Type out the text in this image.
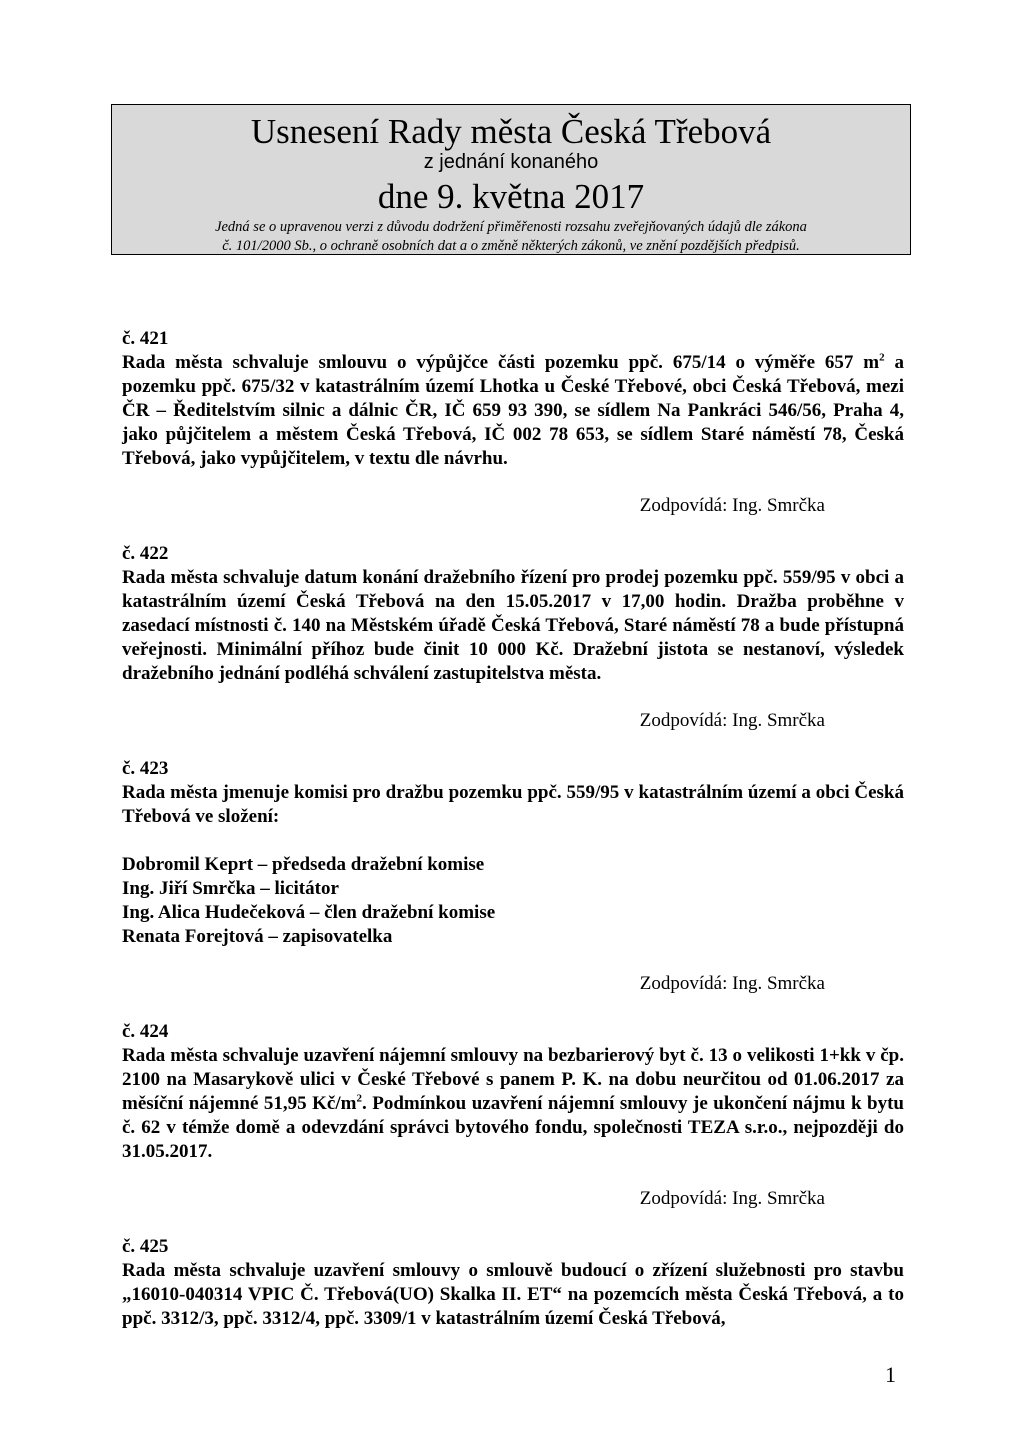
Usnesení Rady města Česká Třebová
z jednání konaného
dne 9. května 2017
Jedná se o upravenou verzi z důvodu dodržení přiměřenosti rozsahu zveřejňovaných údajů dle zákona
č. 101/2000 Sb., o ochraně osobních dat a o změně některých zákonů, ve znění pozdějších předpisů.

č. 421

Rada města schvaluje smlouvu o výpůjčce části pozemku ppč. 675/14 o výměře 657 $m^2$ a pozemku ppč. 675/32 v katastrálním území Lhotka u České Třebové, obci Česká Třebová, mezi ČR – Ředitelstvím silnic a dálnic ČR, IČ 659 93 390, se sídlem Na Pankráci 546/56, Praha 4, jako půjčitelem a městem Česká Třebová, IČ 002 78 653, se sídlem Staré náměstí 78, Česká Třebová, jako vypůjčitelem, v textu dle návrhu.

Zodpovídá: Ing. Smrčka

č. 422

Rada města schvaluje datum konání dražebního řízení pro prodej pozemku ppč. 559/95 v obci a katastrálním území Česká Třebová na den 15.05.2017 v 17,00 hodin. Dražba proběhne v zasedací místnosti č. 140 na Městském úřadě Česká Třebová, Staré náměstí 78 a bude přístupná veřejnosti. Minimální příhoz bude činit 10 000 Kč. Dražební jistota se nestanoví, výsledek dražebního jednání podléhá schválení zastupitelstva města.

Zodpovídá: Ing. Smrčka

č. 423

Rada města jmenuje komisi pro dražbu pozemku ppč. 559/95 v katastrálním území a obci Česká Třebová ve složení:

Dobromil Keprt – předseda dražební komise
Ing. Jiří Smrčka – licitátor
Ing. Alica Hudečeková – člen dražební komise
Renata Forejtová – zapisovatelka

Zodpovídá: Ing. Smrčka

č. 424

Rada města schvaluje uzavření nájemní smlouvy na bezbarierový byt č. 13 o velikosti 1+kk v čp. 2100 na Masarykově ulici v České Třebové s panem P. K. na dobu neurčitou od 01.06.2017 za měsíční nájemné 51,95 $Kč/m^2$. Podmínkou uzavření nájemní smlouvy je ukončení nájmu k bytu č. 62 v témže domě a odevzdání správci bytového fondu, společnosti TEZA s.r.o., nejpozději do 31.05.2017.

Zodpovídá: Ing. Smrčka

č. 425

Rada města schvaluje uzavření smlouvy o smlouvě budoucí o zřízení služebnosti pro stavbu „16010-040314 VPIC Č. Třebová(UO) Skalka II. ET“ na pozemcích města Česká Třebová, a to ppč. 3312/3, ppč. 3312/4, ppč. 3309/1 v katastrálním území Česká Třebová,

1
